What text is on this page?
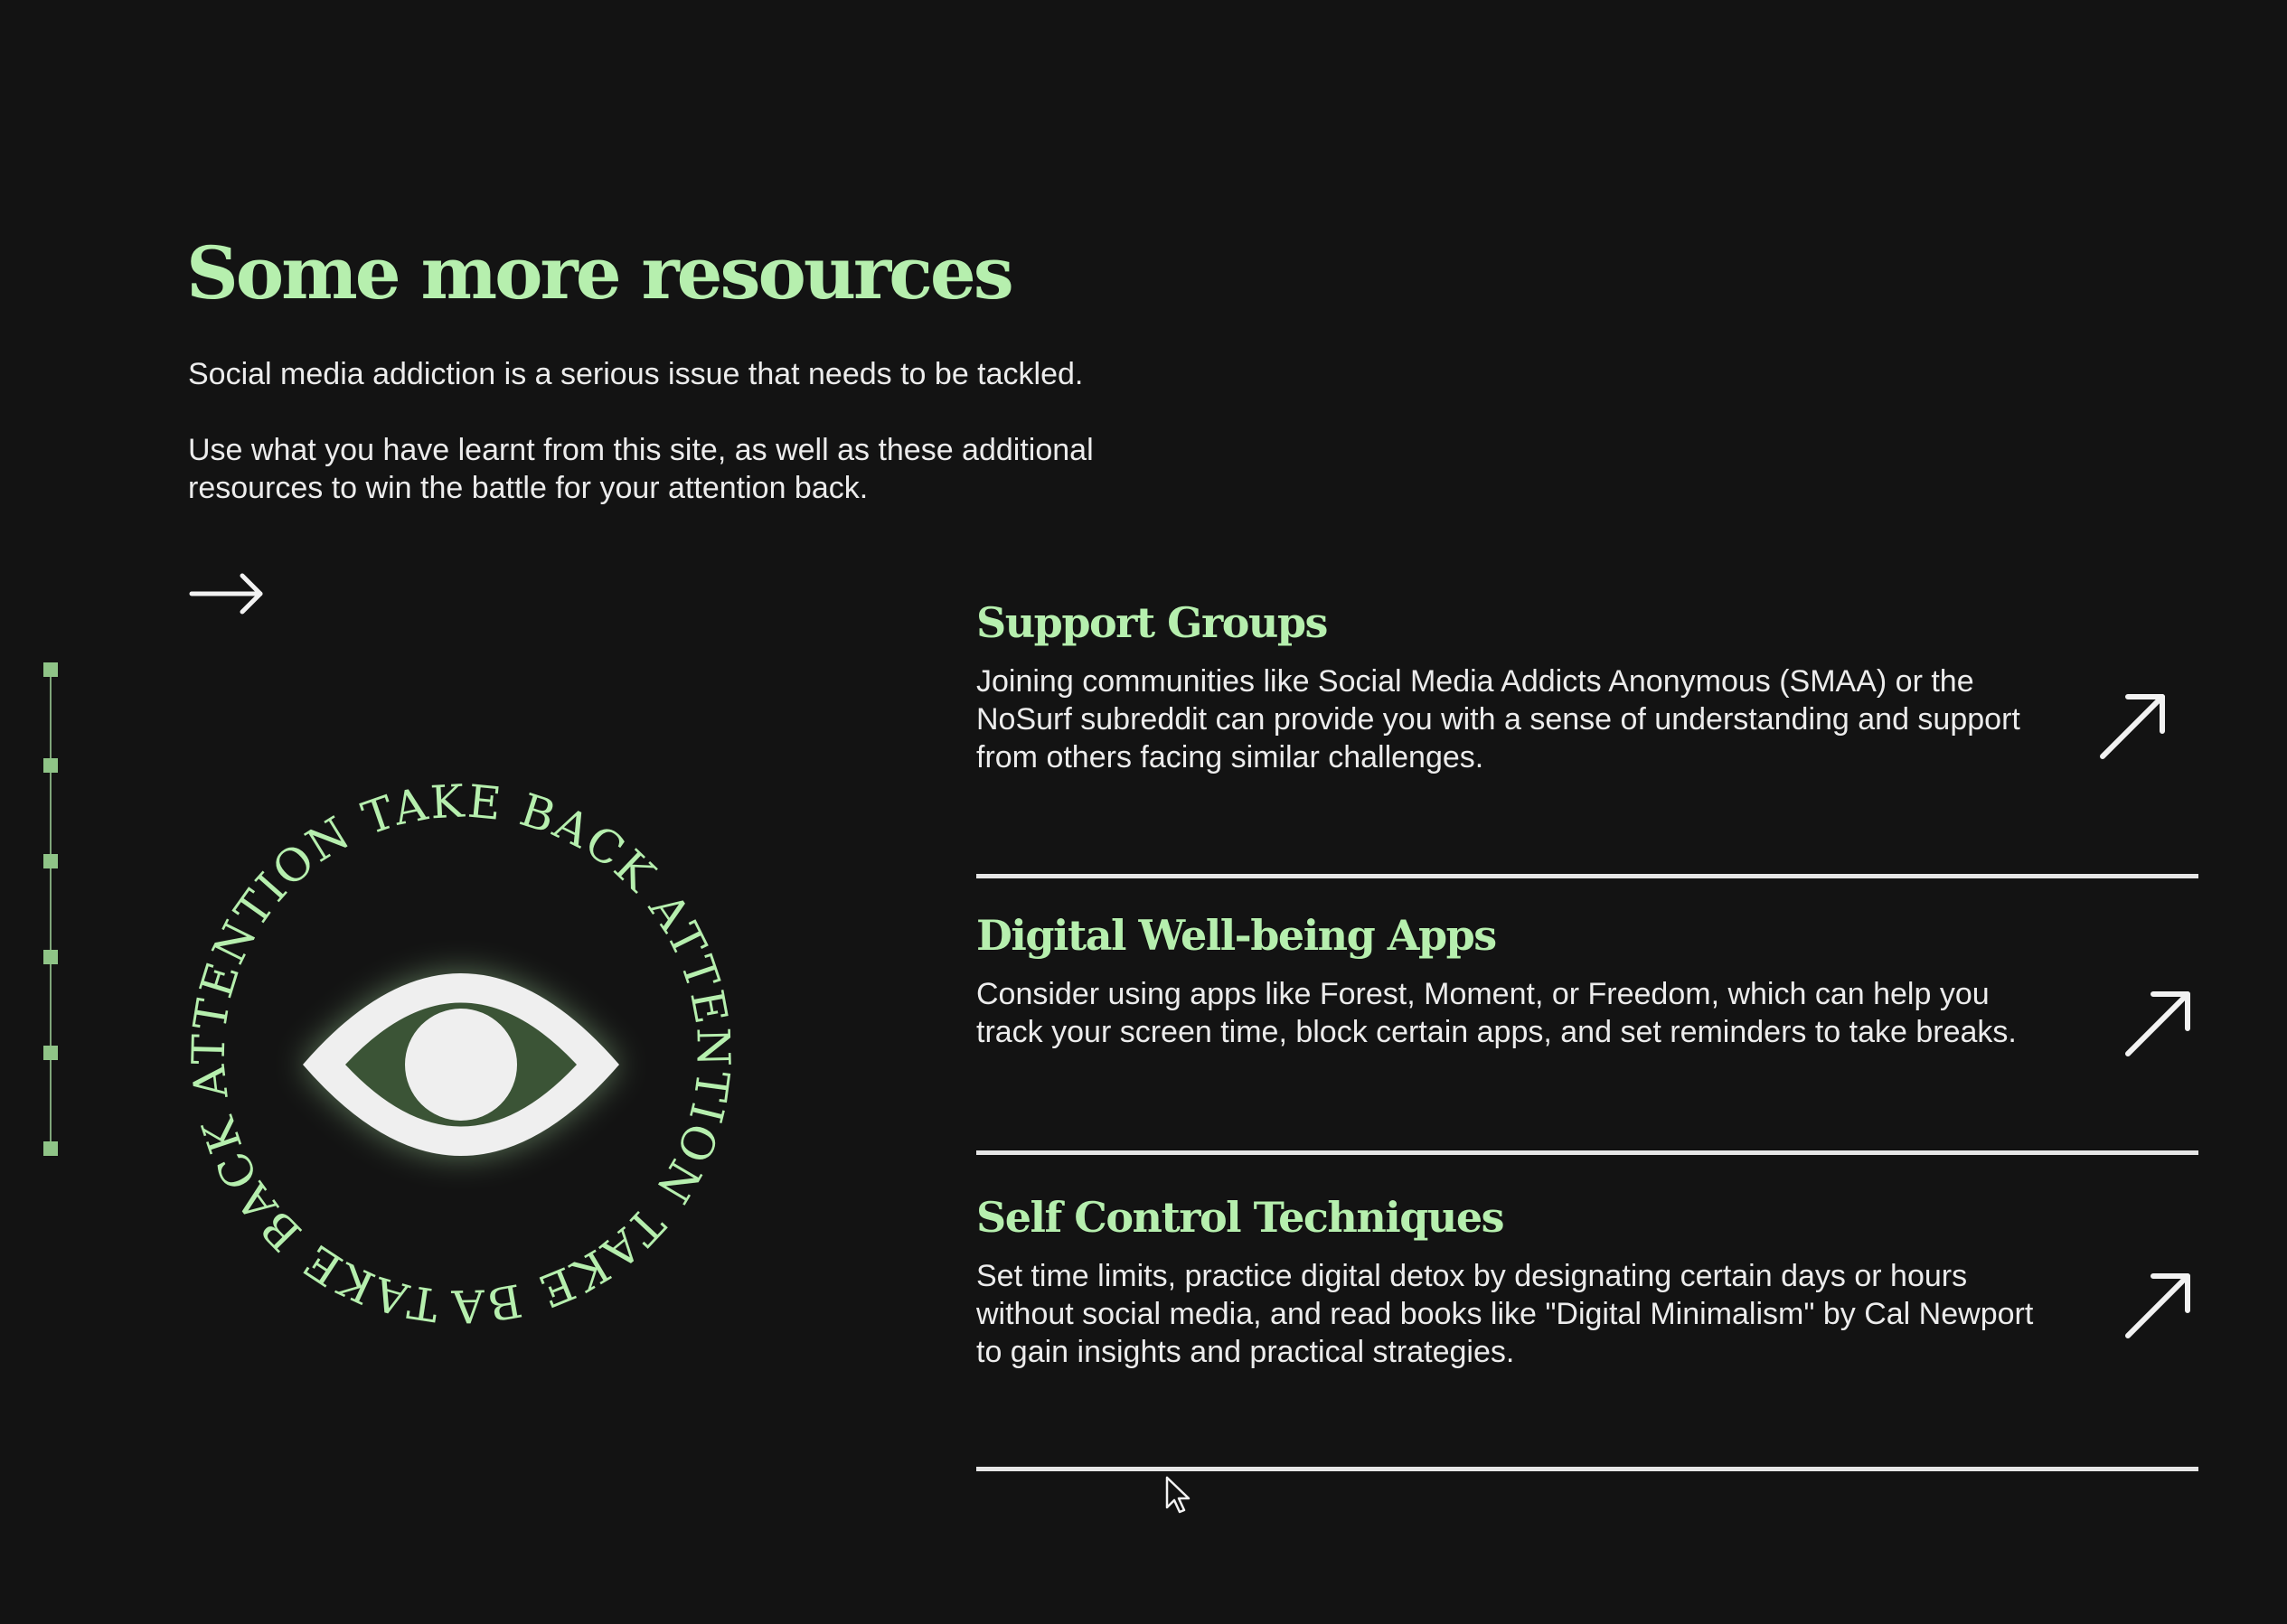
Some more resources

Social media addiction is a serious issue that needs to be tackled.

Use what you have learnt from this site, as well as these additional resources to win the battle for your attention back.

TAKE BACK ATTENTION TAKE BACK ATTENTION TAKE BACK ATTENTION
Support Groups

Joining communities like Social Media Addicts Anonymous (SMAA) or the NoSurf subreddit can provide you with a sense of understanding and support from others facing similar challenges.

Digital Well-being Apps

Consider using apps like Forest, Moment, or Freedom, which can help you track your screen time, block certain apps, and set reminders to take breaks.

Self Control Techniques

Set time limits, practice digital detox by designating certain days or hours without social media, and read books like "Digital Minimalism" by Cal Newport to gain insights and practical strategies.
